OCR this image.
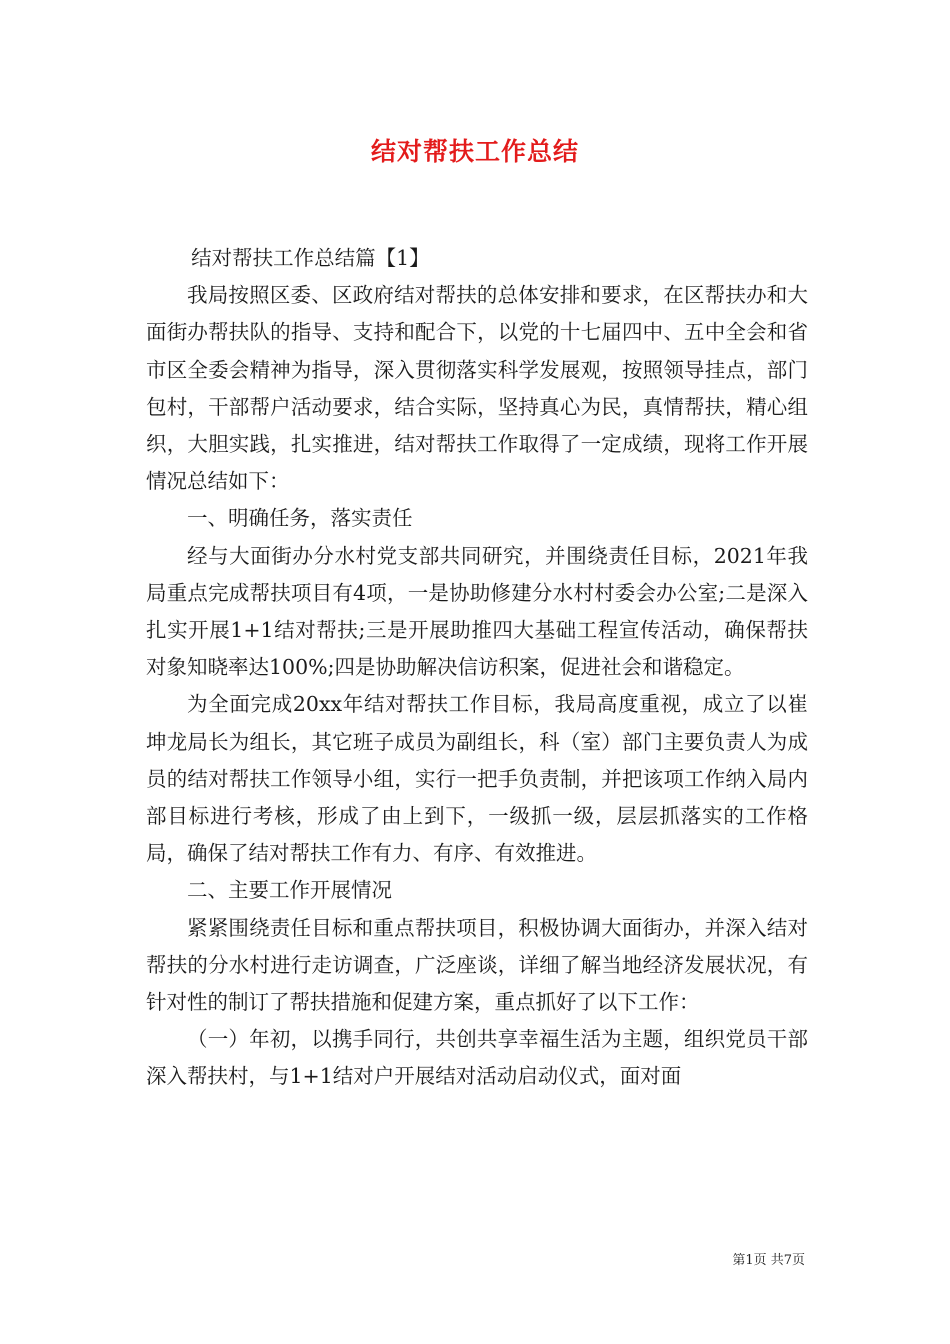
结对帮扶工作总结

结对帮扶工作总结篇【1】

我局按照区委、区政府结对帮扶的总体安排和要求，在区帮扶办和大面街办帮扶队的指导、支持和配合下，以党的十七届四中、五中全会和省市区全委会精神为指导，深入贯彻落实科学发展观，按照领导挂点，部门包村，干部帮户活动要求，结合实际，坚持真心为民，真情帮扶，精心组织，大胆实践，扎实推进，结对帮扶工作取得了一定成绩，现将工作开展情况总结如下：

一、明确任务，落实责任

经与大面街办分水村党支部共同研究，并围绕责任目标，2021年我局重点完成帮扶项目有4项，一是协助修建分水村村委会办公室;二是深入扎实开展1+1结对帮扶;三是开展助推四大基础工程宣传活动，确保帮扶对象知晓率达100%;四是协助解决信访积案，促进社会和谐稳定。

为全面完成20xx年结对帮扶工作目标，我局高度重视，成立了以崔坤龙局长为组长，其它班子成员为副组长，科（室）部门主要负责人为成员的结对帮扶工作领导小组，实行一把手负责制，并把该项工作纳入局内部目标进行考核，形成了由上到下，一级抓一级，层层抓落实的工作格局，确保了结对帮扶工作有力、有序、有效推进。

二、主要工作开展情况

紧紧围绕责任目标和重点帮扶项目，积极协调大面街办，并深入结对帮扶的分水村进行走访调查，广泛座谈，详细了解当地经济发展状况，有针对性的制订了帮扶措施和促建方案，重点抓好了以下工作：

（一）年初，以携手同行，共创共享幸福生活为主题，组织党员干部深入帮扶村，与1+1结对户开展结对活动启动仪式，面对面

第1页 共7页
